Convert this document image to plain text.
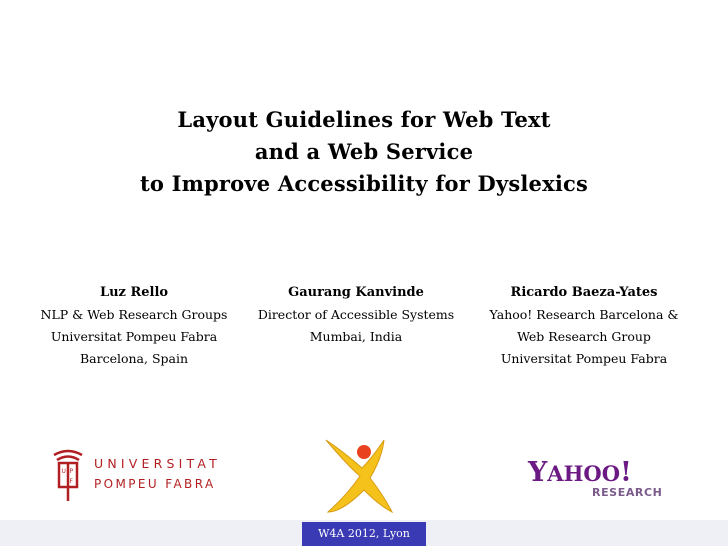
Layout Guidelines for Web Text
and a Web Service
to Improve Accessibility for Dyslexics
Luz Rello
NLP & Web Research Groups
Universitat Pompeu Fabra
Barcelona, Spain
Gaurang Kanvinde
Director of Accessible Systems
Mumbai, India
Ricardo Baeza-Yates
Yahoo! Research Barcelona &
Web Research Group
Universitat Pompeu Fabra
U P
F
UNIVERSITAT
POMPEU FABRA	YAHOO!
RESEARCH
W4A 2012, Lyon
